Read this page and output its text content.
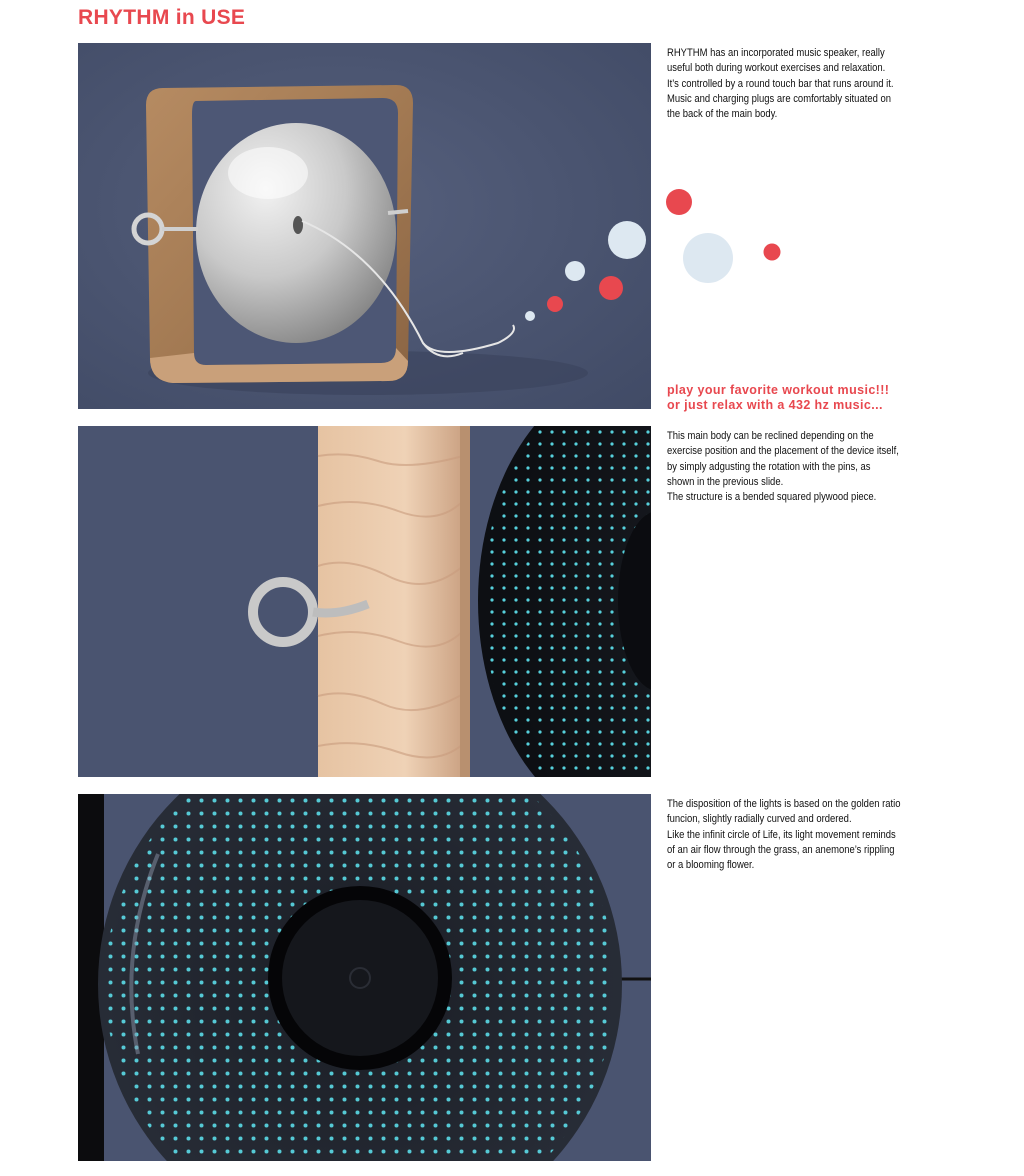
RHYTHM in USE

RHYTHM has an incorporated music speaker, really

useful both during workout exercises and relaxation.

It’s controlled by a round touch bar that runs around it.

Music and charging plugs are comfortably situated on

the back of the main body.

play your favorite workout music!!!
or just relax with a 432 hz music...

This main body can be reclined depending on the

exercise position and the placement of the device itself,

by simply adgusting the rotation with the pins, as

shown in the previous slide.

The structure is a bended squared plywood piece.

The disposition of the lights is based on the golden ratio

funcion, slightly radially curved and ordered.

Like the infinit circle of Life, its light movement reminds

of an air flow through the grass, an anemone’s rippling

or a blooming flower.
